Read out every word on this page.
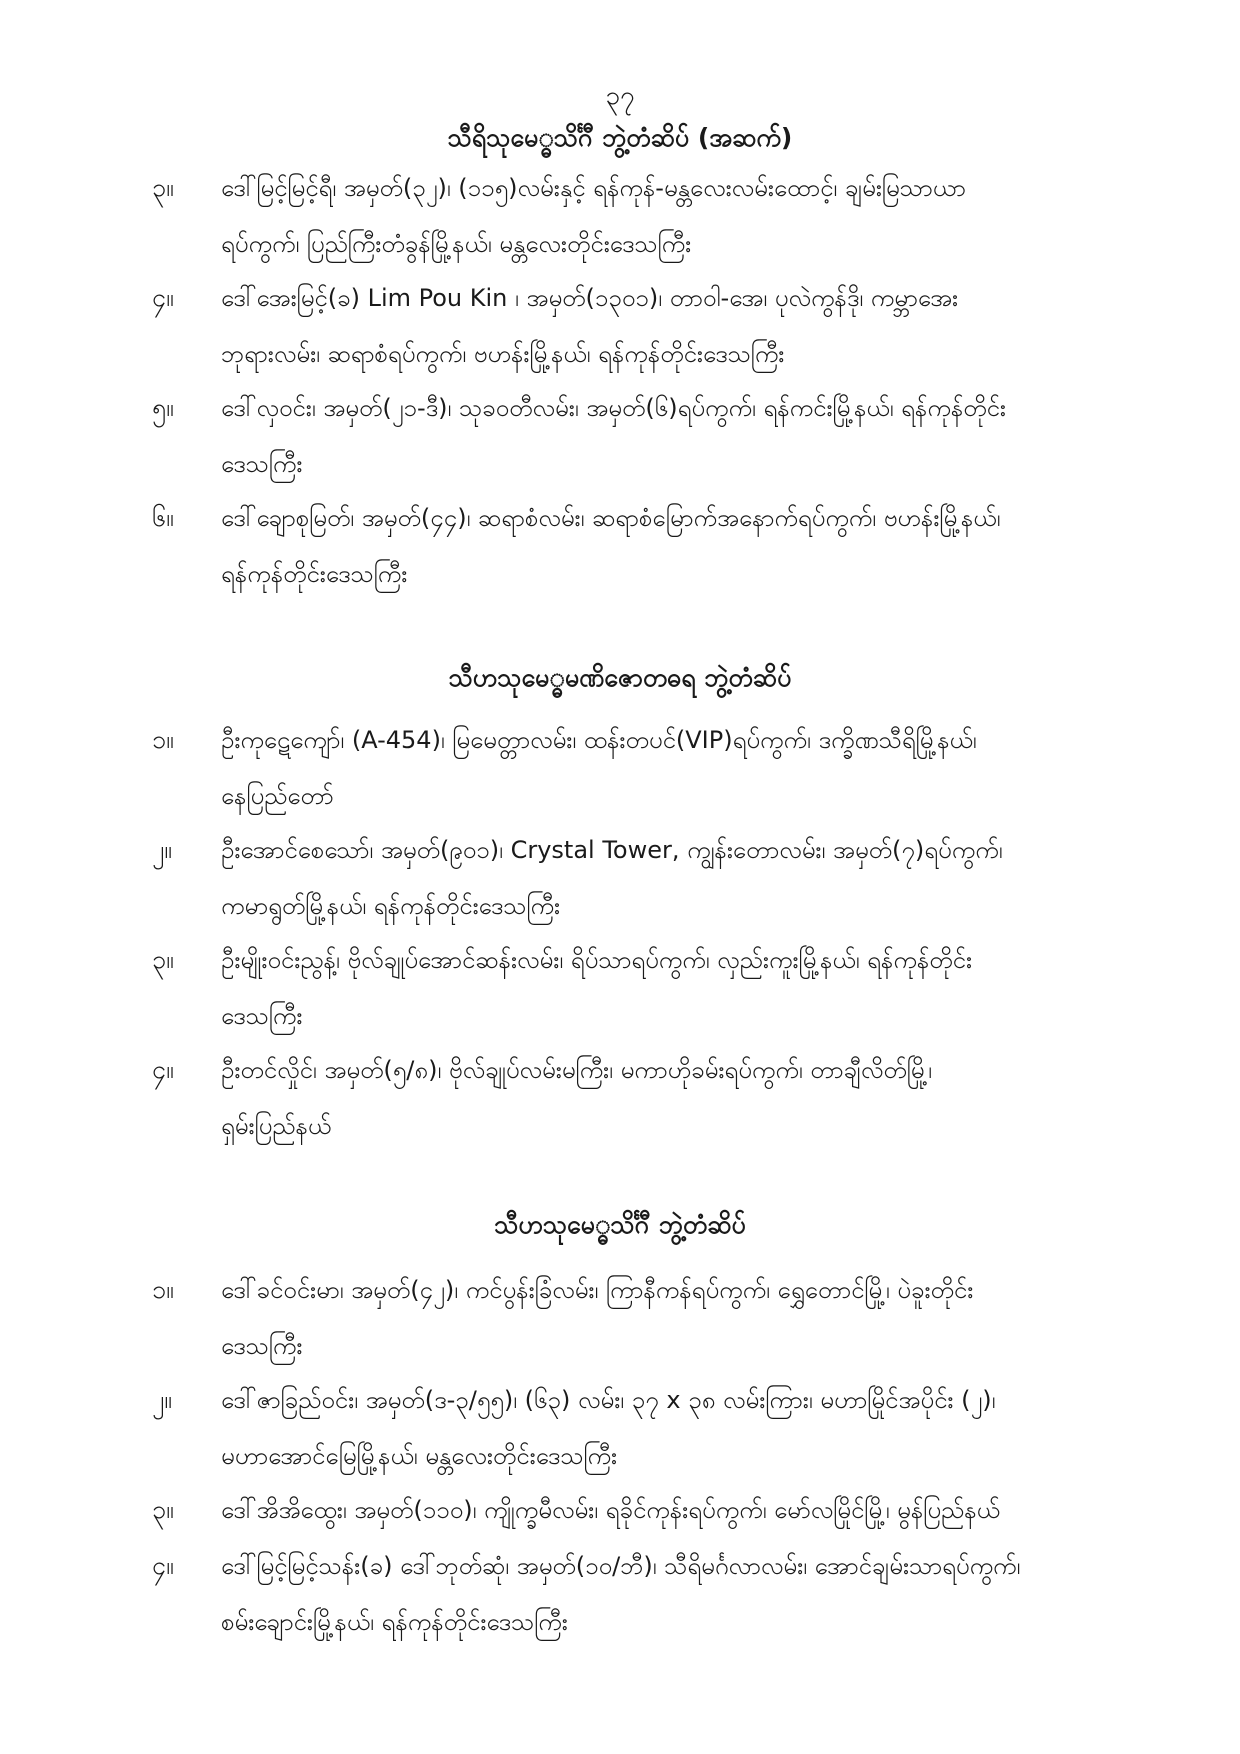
၃၇
သီရိသုမေ္ဓသိင်္ဂီ ဘွဲ့တံဆိပ် (အဆက်)
၃။	ဒေါ်မြင့်မြင့်ရီ၊ အမှတ်(၃၂)၊ (၁၁၅)လမ်းနှင့် ရန်ကုန်-မန္တလေးလမ်းထောင့်၊ ချမ်းမြသာယာ
ရပ်ကွက်၊ ပြည်ကြီးတံခွန်မြို့နယ်၊ မန္တလေးတိုင်းဒေသကြီး
၄။	ဒေါ်အေးမြင့်(ခ) Lim Pou Kin ၊ အမှတ်(၁၃၀၁)၊ တာဝါ-အေ၊ ပုလဲကွန်ဒို၊ ကမ္ဘာအေး
ဘုရားလမ်း၊ ဆရာစံရပ်ကွက်၊ ဗဟန်းမြို့နယ်၊ ရန်ကုန်တိုင်းဒေသကြီး
၅။	ဒေါ်လှဝင်း၊ အမှတ်(၂၁-ဒီ)၊ သုခဝတီလမ်း၊ အမှတ်(၆)ရပ်ကွက်၊ ရန်ကင်းမြို့နယ်၊ ရန်ကုန်တိုင်း
ဒေသကြီး
၆။	ဒေါ်ချောစုမြတ်၊ အမှတ်(၄၄)၊ ဆရာစံလမ်း၊ ဆရာစံမြောက်အနောက်ရပ်ကွက်၊ ဗဟန်းမြို့နယ်၊
ရန်ကုန်တိုင်းဒေသကြီး
သီဟသုမေ္ဓမဏိဇောတဓရ ဘွဲ့တံဆိပ်
၁။	ဦးကုဋေကျော်၊ (A-454)၊ မြမေတ္တာလမ်း၊ ထန်းတပင်(VIP)ရပ်ကွက်၊ ဒက္ခိဏသီရိမြို့နယ်၊
နေပြည်တော်
၂။	ဦးအောင်စေသော်၊ အမှတ်(၉၀၁)၊ Crystal Tower, ကျွန်းတောလမ်း၊ အမှတ်(၇)ရပ်ကွက်၊
ကမာရွတ်မြို့နယ်၊ ရန်ကုန်တိုင်းဒေသကြီး
၃။	ဦးမျိုးဝင်းညွန့်၊ ဗိုလ်ချုပ်အောင်ဆန်းလမ်း၊ ရိပ်သာရပ်ကွက်၊ လှည်းကူးမြို့နယ်၊ ရန်ကုန်တိုင်း
ဒေသကြီး
၄။	ဦးတင်လှိုင်၊ အမှတ်(၅/၈)၊ ဗိုလ်ချုပ်လမ်းမကြီး၊ မကာဟိုခမ်းရပ်ကွက်၊ တာချီလိတ်မြို့၊
ရှမ်းပြည်နယ်
သီဟသုမေ္ဓသိင်္ဂီ ဘွဲ့တံဆိပ်
၁။	ဒေါ်ခင်ဝင်းမာ၊ အမှတ်(၄၂)၊ ကင်ပွန်းခြံလမ်း၊ ကြာနီကန်ရပ်ကွက်၊ ရွှေတောင်မြို့၊ ပဲခူးတိုင်း
ဒေသကြီး
၂။	ဒေါ်ဇာခြည်ဝင်း၊ အမှတ်(ဒ-၃/၅၅)၊ (၆၃) လမ်း၊ ၃၇ x ၃၈ လမ်းကြား၊ မဟာမြိုင်အပိုင်း (၂)၊
မဟာအောင်မြေမြို့နယ်၊ မန္တလေးတိုင်းဒေသကြီး
၃။	ဒေါ်အိအိထွေး၊ အမှတ်(၁၁၀)၊ ကျိုက္ခမီလမ်း၊ ရခိုင်ကုန်းရပ်ကွက်၊ မော်လမြိုင်မြို့၊ မွန်ပြည်နယ်
၄။	ဒေါ်မြင့်မြင့်သန်း(ခ) ဒေါ်ဘုတ်ဆုံ၊ အမှတ်(၁၀/ဘီ)၊ သီရိမင်္ဂလာလမ်း၊ အောင်ချမ်းသာရပ်ကွက်၊
စမ်းချောင်းမြို့နယ်၊ ရန်ကုန်တိုင်းဒေသကြီး
